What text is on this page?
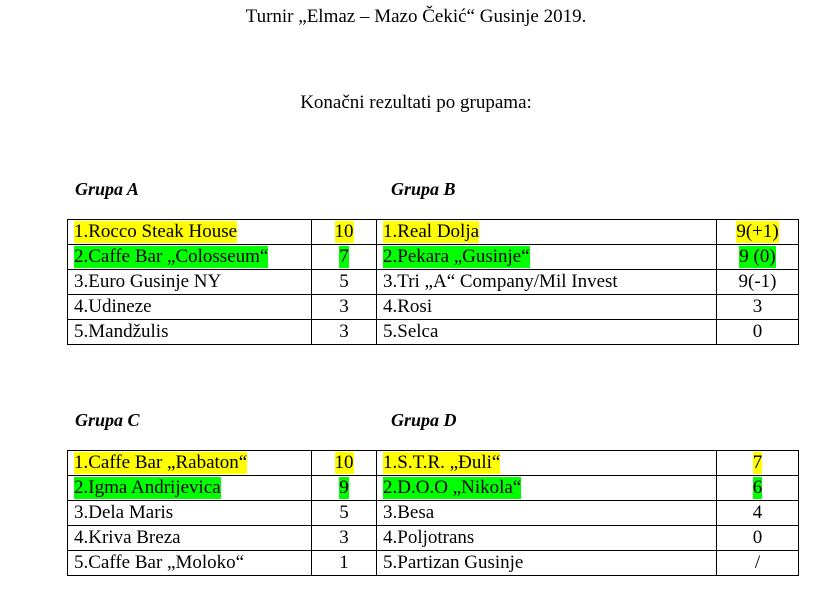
Turnir „Elmaz – Mazo Čekić“ Gusinje 2019.
Konačni rezultati po grupama:
Grupa A	Grupa B
1.Rocco Steak House	10	1.Real Dolja	9(+1)
2.Caffe Bar „Colosseum“	7	2.Pekara „Gusinje“	9 (0)
3.Euro Gusinje NY	5	3.Tri „A“ Company/Mil Invest	9(-1)
4.Udineze	3	4.Rosi	3
5.Mandžulis	3	5.Selca	0
Grupa C	Grupa D
1.Caffe Bar „Rabaton“	10	1.S.T.R. „Đuli“	7
2.Igma Andrijevica	9	2.D.O.O „Nikola“	6
3.Dela Maris	5	3.Besa	4
4.Kriva Breza	3	4.Poljotrans	0
5.Caffe Bar „Moloko“	1	5.Partizan Gusinje	/
